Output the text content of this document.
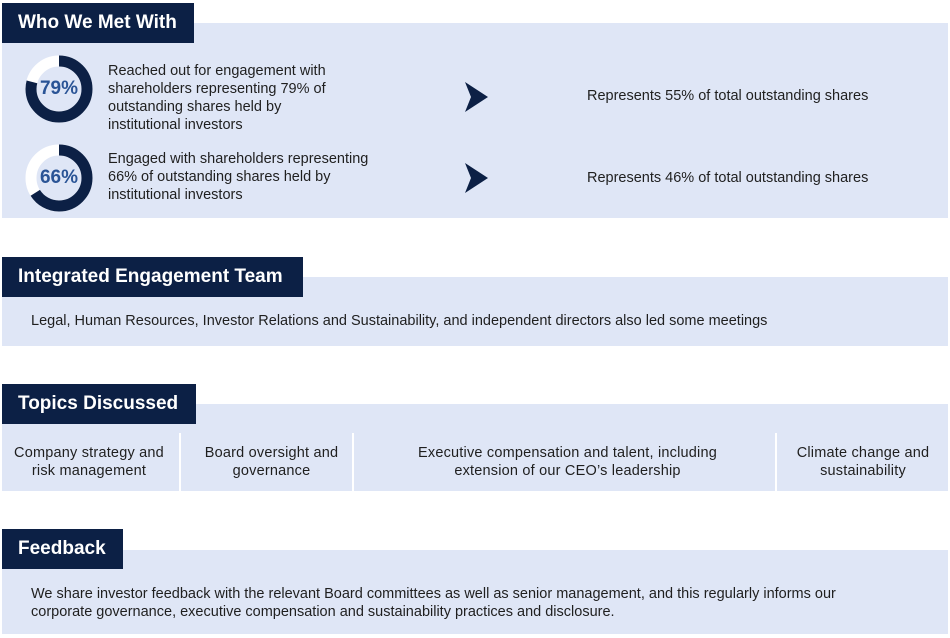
Who We Met With
79%
Reached out for engagement with shareholders representing 79% of outstanding shares held by institutional investors
Represents 55% of total outstanding shares
66%
Engaged with shareholders representing 66% of outstanding shares held by institutional investors
Represents 46% of total outstanding shares
Integrated Engagement Team
Legal, Human Resources, Investor Relations and Sustainability, and independent directors also led some meetings
Topics Discussed
Company strategy and risk management
Board oversight and governance
Executive compensation and talent, including extension of our CEO’s leadership
Climate change and sustainability
Feedback
We share investor feedback with the relevant Board committees as well as senior management, and this regularly informs our corporate governance, executive compensation and sustainability practices and disclosure.
